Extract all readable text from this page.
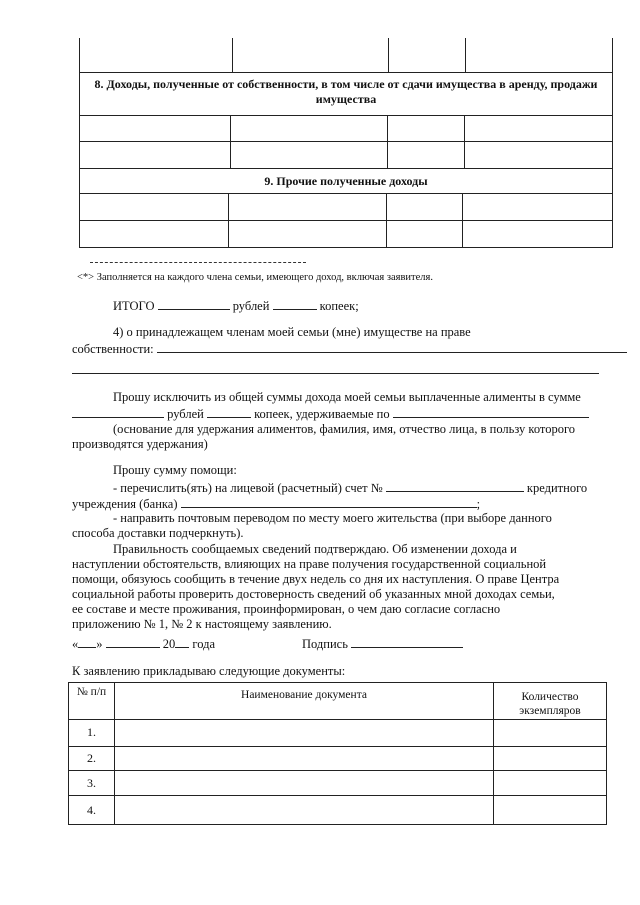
8. Доходы, полученные от собственности, в том числе от сдачи имущества в аренду, продажи имущества
9. Прочие полученные доходы
<*> Заполняется на каждого члена семьи, имеющего доход, включая заявителя.
ИТОГО	рублей	копеек;
4) о принадлежащем членам моей семьи (мне) имуществе на праве
собственности:
Прошу исключить из общей суммы дохода моей семьи выплаченные алименты в сумме
рублей	копеек, удерживаемые по
(основание для удержания алиментов, фамилия, имя, отчество лица, в пользу которого
производятся удержания)
Прошу сумму помощи:
- перечислить(ять) на лицевой (расчетный) счет №	кредитного
учреждения (банка)	;
- направить почтовым переводом по месту моего жительства (при выборе данного
способа доставки подчеркнуть).
Правильность сообщаемых сведений подтверждаю. Об изменении дохода и
наступлении обстоятельств, влияющих на праве получения государственной социальной
помощи, обязуюсь сообщить в течение двух недель со дня их наступления. О праве Центра
социальной работы проверить достоверность сведений об указанных мной доходах семьи,
ее составе и месте проживания, проинформирован, о чем даю согласие согласно
приложению № 1, № 2 к настоящему заявлению.
« »	20 года	Подпись
К заявлению прикладываю следующие документы:
№ п/п	Наименование документа	Количество
экземпляров
1.
2.
3.
4.
